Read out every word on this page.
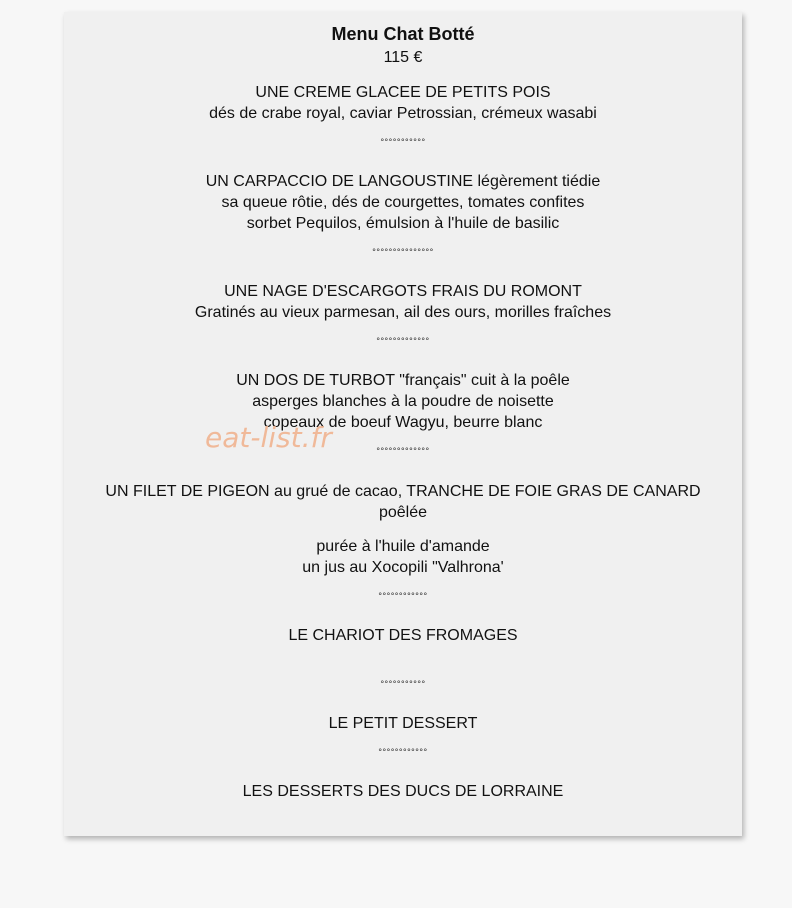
Menu Chat Botté
115 €
UNE CREME GLACEE DE PETITS POIS
dés de crabe royal, caviar Petrossian, crémeux wasabi
°°°°°°°°°°°
UN CARPACCIO DE LANGOUSTINE légèrement tiédie
sa queue rôtie, dés de courgettes, tomates confites
sorbet Pequilos, émulsion à l'huile de basilic
°°°°°°°°°°°°°°°
UNE NAGE D'ESCARGOTS FRAIS DU ROMONT
Gratinés au vieux parmesan, ail des ours, morilles fraîches
°°°°°°°°°°°°°
UN DOS DE TURBOT "français" cuit à la poêle
asperges blanches à la poudre de noisette
copeaux de boeuf Wagyu, beurre blanc
°°°°°°°°°°°°°
UN FILET DE PIGEON au grué de cacao, TRANCHE DE FOIE GRAS DE CANARD
poêlée
purée à l'huile d'amande
un jus au Xocopili "Valhrona'
°°°°°°°°°°°°
LE CHARIOT DES FROMAGES
°°°°°°°°°°°
LE PETIT DESSERT
°°°°°°°°°°°°
LES DESSERTS DES DUCS DE LORRAINE
eat-list.fr
